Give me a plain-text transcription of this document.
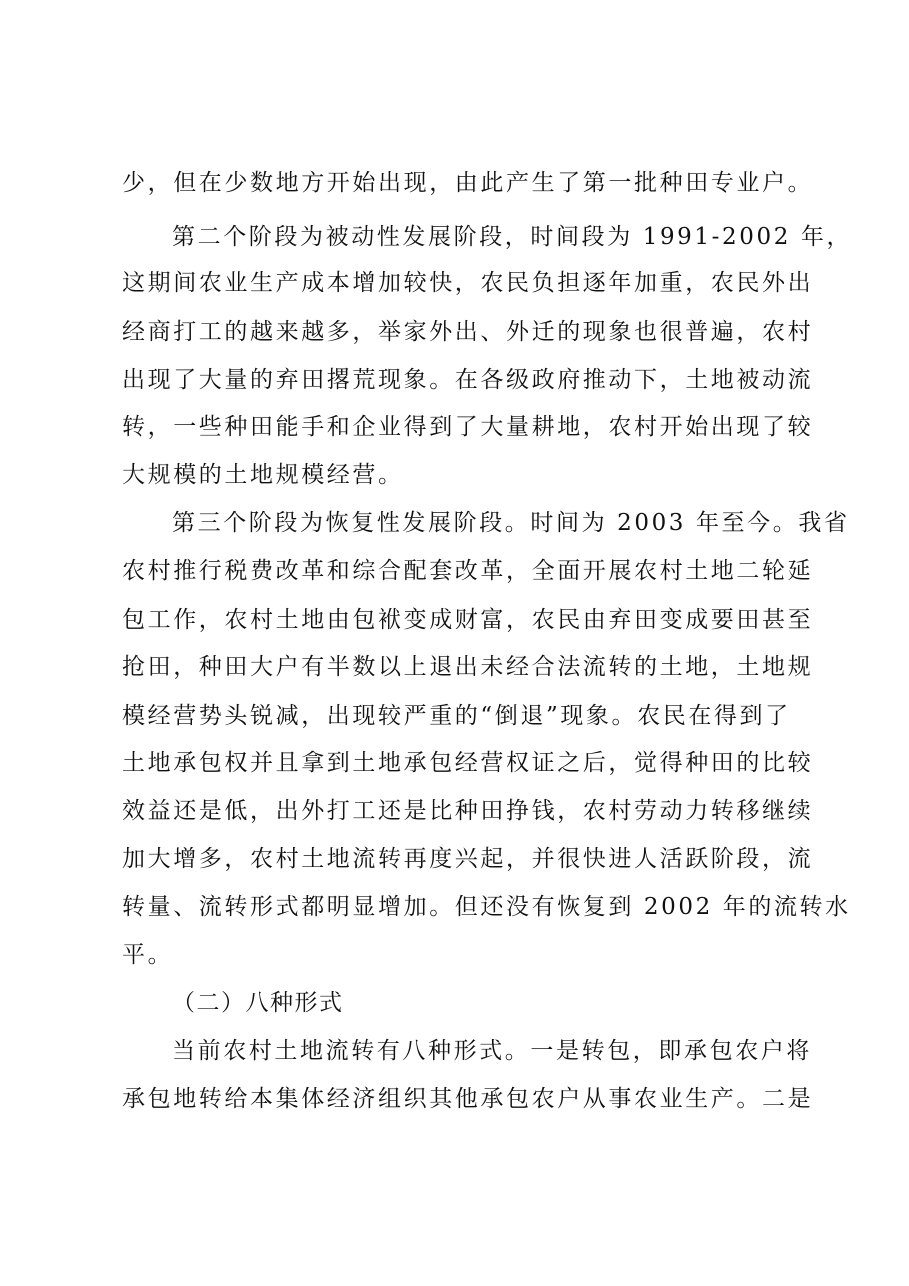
少，但在少数地方开始出现，由此产生了第一批种田专业户。
第二个阶段为被动性发展阶段，时间段为 1991-2002 年，
这期间农业生产成本增加较快，农民负担逐年加重，农民外出
经商打工的越来越多，举家外出、外迁的现象也很普遍，农村
出现了大量的弃田撂荒现象。在各级政府推动下，土地被动流
转，一些种田能手和企业得到了大量耕地，农村开始出现了较
大规模的土地规模经营。
第三个阶段为恢复性发展阶段。时间为 2003 年至今。我省
农村推行税费改革和综合配套改革，全面开展农村土地二轮延
包工作，农村土地由包袱变成财富，农民由弃田变成要田甚至
抢田，种田大户有半数以上退出未经合法流转的土地，土地规
模经营势头锐减，出现较严重的“倒退”现象。农民在得到了
土地承包权并且拿到土地承包经营权证之后，觉得种田的比较
效益还是低，出外打工还是比种田挣钱，农村劳动力转移继续
加大增多，农村土地流转再度兴起，并很快进人活跃阶段，流
转量、流转形式都明显增加。但还没有恢复到 2002 年的流转水
平。
（二）八种形式
当前农村土地流转有八种形式。一是转包，即承包农户将
承包地转给本集体经济组织其他承包农户从事农业生产。二是
